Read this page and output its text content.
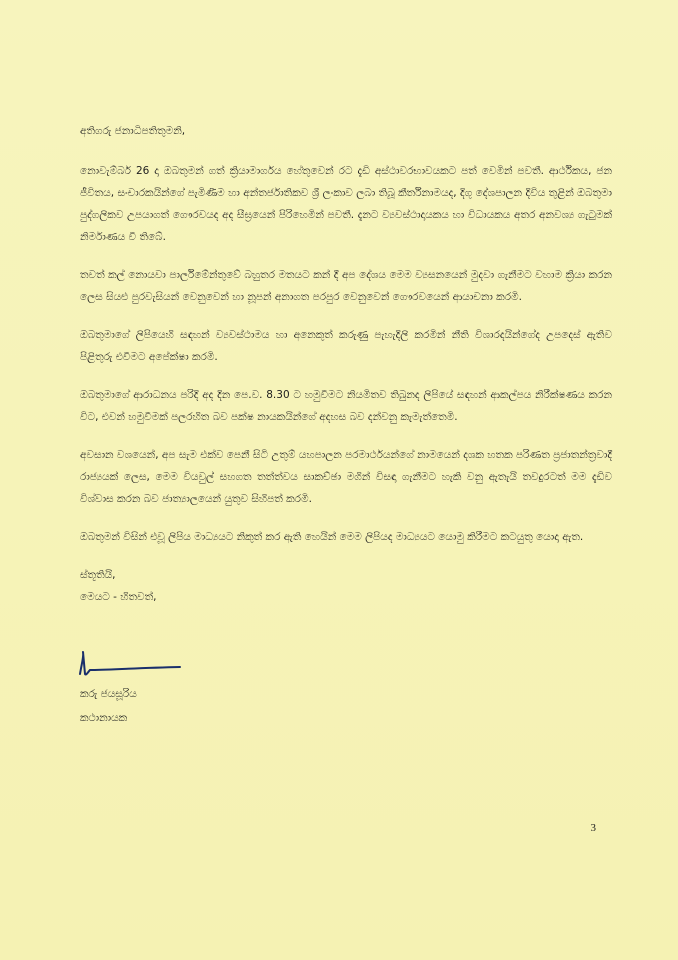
අතිගරු ජනාධිපතිතුමනි,

නොවැම්බර් 26 දා ඔබතුමන් ගත් ක්‍රියාමාර්ගය හේතුවෙන් රට දැඩි අස්ථාවරභාවයකට පත් වෙමින් පවතී. ආර්ථිකය, ජන ජීවිතය, සංචාරකයින්ගේ පැමිණීම හා අන්තර්ජාතිකව ශ්‍රී ලංකාව ලබා තිබූ කීර්තිනාමයද, දිගු දේශපාලන දිවිය තුළින් ඔබතුමා පුද්ගලිකව උපයාගත් ගෞරවයද අද සීඝ්‍රයෙන් පිරිහෙමින් පවතී. දැනට ව්‍යවස්ථාදායකය හා විධායකය අතර අනවශ්‍ය ගැටුමක් නිර්මාණය වී තිබේ.

තවත් කල් නොයවා පාර්ලිමේන්තුවේ බහුතර මතයට කන් දී අප දේශය මෙම ව්‍යසනයෙන් මුදවා ගැනීමට වහාම ක්‍රියා කරන ලෙස සියළු පුරවැසියන් වෙනුවෙන් හා නූපන් අනාගත පරපුර වෙනුවෙන් ගෞරවයෙන් ආයාචනා කරමි.

ඔබතුමාගේ ලිපියෙහි සඳහන් ව්‍යවස්ථාමය හා අනෙකුත් කරුණු පැහැදිලි කරමින් නීති විශාරදයින්ගේද උපදෙස් ඇතිව පිළිතුරු එවීමට අපේක්ෂා කරමි.

ඔබතුමාගේ ආරාධනය පරිදි අද දින පෙ.ව. 8.30 ට හමුවීමට නියමිතව තිබුනද ලිපියේ සඳහන් ආකල්පය නිරීක්ෂණය කරන විට, එවන් හමුවීමක් පලරහිත බව පක්ෂ නායකයින්ගේ අදහස බව දන්වනු කැමැත්තෙමි.

අවසාන වශයෙන්, අප සැම එක්ව පෙනී සිටි උතුම් යහපාලන පරමාර්ථයන්ගේ නාමයෙන් දශක හතක පරිණත ප්‍රජාතන්ත්‍රවාදී රාජ්‍යයක් ලෙස, මෙම වියවුල් සහගත තත්ත්වය සාකච්ඡා මගින් විසඳා ගැනීමට හැකි වනු ඇතැයි තවදුරටත් මම දැඩිව විශ්වාස කරන බව ජාත්‍යාලයෙන් යුතුව සිහිපත් කරමි.

ඔබතුමන් විසින් එවූ ලිපිය මාධ්‍යයට නිකුත් කර ඇති හෙයින් මෙම ලිපියද මාධ්‍යයට යොමු කිරීමට කටයුතු යොදා ඇත.

ස්තූතියි,

මෙයට - හිතවත්,

කරු ජයසූරිය

කථානායක

3
